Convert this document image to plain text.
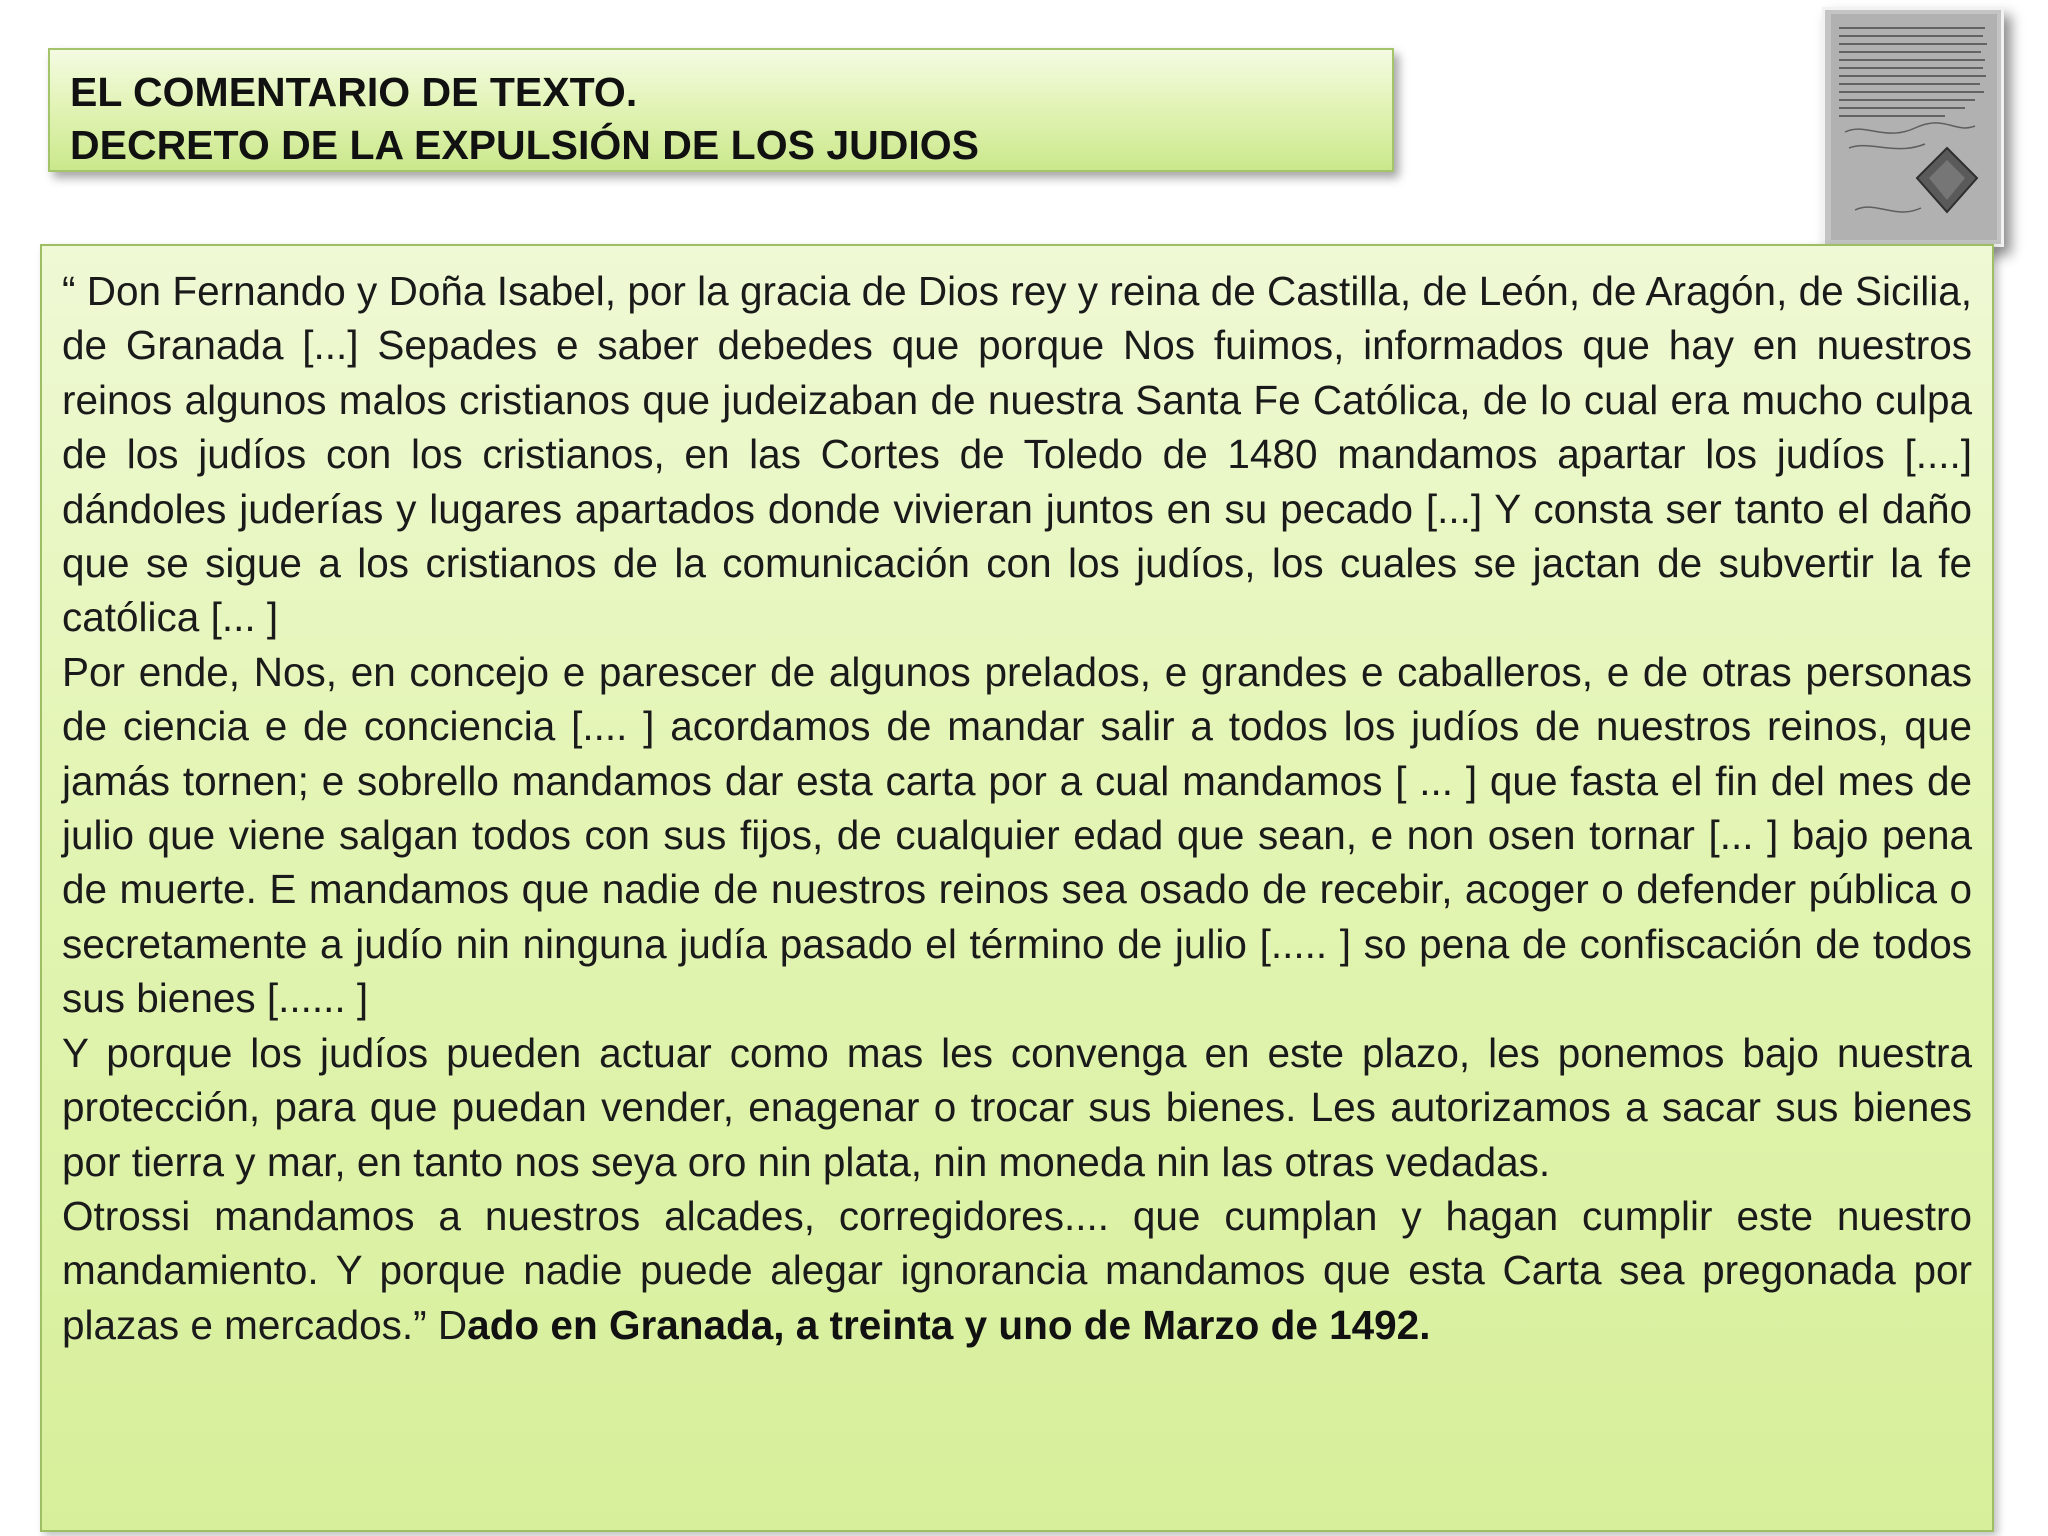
EL COMENTARIO DE TEXTO.
DECRETO DE LA EXPULSIÓN DE LOS JUDIOS

“ Don Fernando y Doña Isabel, por la gracia de Dios rey y reina de Castilla, de León, de Aragón, de Sicilia, de Granada [...] Sepades e saber debedes que porque Nos fuimos, informados que hay en nuestros reinos algunos malos cristianos que judeizaban de nuestra Santa Fe Católica, de lo cual era mucho culpa de los judíos con los cristianos, en las Cortes de Toledo de 1480 mandamos apartar los judíos [....] dándoles juderías y lugares apartados donde vivieran juntos en su pecado [...] Y consta ser tanto el daño que se sigue a los cristianos de la comunicación con los judíos, los cuales se jactan de subvertir la fe católica [... ]

Por ende, Nos, en concejo e parescer de algunos prelados, e grandes e caballeros, e de otras personas de ciencia e de conciencia [.... ] acordamos de mandar salir a todos los judíos de nuestros reinos, que jamás tornen; e sobrello mandamos dar esta carta por a cual mandamos [ ... ] que fasta el fin del mes de julio que viene salgan todos con sus fijos, de cualquier edad que sean, e non osen tornar [... ] bajo pena de muerte. E mandamos que nadie de nuestros reinos sea osado de recebir, acoger o defender pública o secretamente a judío nin ninguna judía pasado el término de julio [..... ] so pena de confiscación de todos sus bienes [...... ]

Y porque los judíos pueden actuar como mas les convenga en este plazo, les ponemos bajo nuestra protección, para que puedan vender, enagenar o trocar sus bienes. Les autorizamos a sacar sus bienes por tierra y mar, en tanto nos seya oro nin plata, nin moneda nin las otras vedadas.

Otrossi mandamos a nuestros alcades, corregidores.... que cumplan y hagan cumplir este nuestro mandamiento. Y porque nadie puede alegar ignorancia mandamos que esta Carta sea pregonada por plazas e mercados.” Dado en Granada, a treinta y uno de Marzo de 1492.
